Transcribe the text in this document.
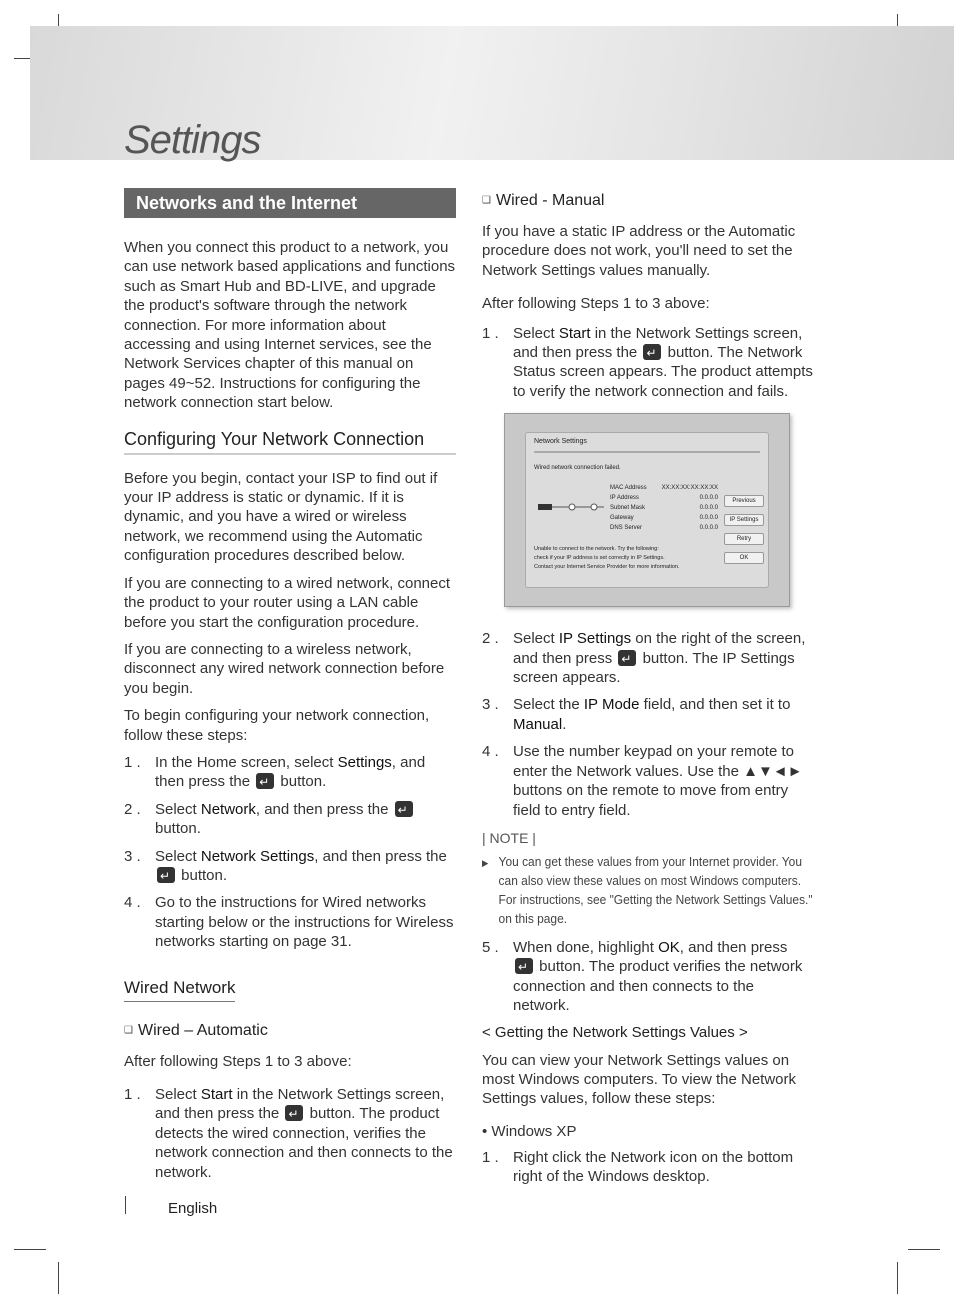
Settings
Networks and the Internet

When you connect this product to a network, you can use network based applications and functions such as Smart Hub and BD-LIVE, and upgrade the product's software through the network connection. For more information about accessing and using Internet services, see the Network Services chapter of this manual on pages 49~52. Instructions for configuring the network connection start below.

Configuring Your Network Connection

Before you begin, contact your ISP to find out if your IP address is static or dynamic. If it is dynamic, and you have a wired or wireless network, we recommend using the Automatic configuration procedures described below.

If you are connecting to a wired network, connect the product to your router using a LAN cable before you start the configuration procedure.

If you are connecting to a wireless network, disconnect any wired network connection before you begin.

To begin configuring your network connection, follow these steps:

1 . In the Home screen, select Settings, and then press the ↵ button.
2 . Select Network, and then press the ↵ button.
3 . Select Network Settings, and then press the ↵ button.
4 . Go to the instructions for Wired networks starting below or the instructions for Wireless networks starting on page 31.
Wired Network
❑ Wired – Automatic

After following Steps 1 to 3 above:

1 . Select Start in the Network Settings screen, and then press the ↵ button. The product detects the wired connection, verifies the network connection and then connects to the network.
❑ Wired - Manual

If you have a static IP address or the Automatic procedure does not work, you'll need to set the Network Settings values manually.

After following Steps 1 to 3 above:

1 . Select Start in the Network Settings screen, and then press the ↵ button. The Network Status screen appears. The product attempts to verify the network connection and fails.
Network Settings
Wired network connection failed.
MAC Address XX:XX:XX:XX:XX:XX
IP Address	0.0.0.0
Subnet Mask	0.0.0.0
Gateway	0.0.0.0
DNS Server	0.0.0.0
Previous
IP Settings
Retry
OK
Unable to connect to the network. Try the following:
check if your IP address is set correctly in IP Settings.
Contact your Internet Service Provider for more information.
2 . Select IP Settings on the right of the screen, and then press ↵ button. The IP Settings screen appears.
3 . Select the IP Mode field, and then set it to Manual.
4 . Use the number keypad on your remote to enter the Network values. Use the ▲▼◄► buttons on the remote to move from entry field to entry field.
| NOTE |
▶ You can get these values from your Internet provider. You can also view these values on most Windows computers. For instructions, see "Getting the Network Settings Values." on this page.
5 . When done, highlight OK, and then press
↵ button. The product verifies the network connection and then connects to the network.
< Getting the Network Settings Values >

You can view your Network Settings values on most Windows computers. To view the Network Settings values, follow these steps:

• Windows XP
1 . Right click the Network icon on the bottom right of the Windows desktop.
English
